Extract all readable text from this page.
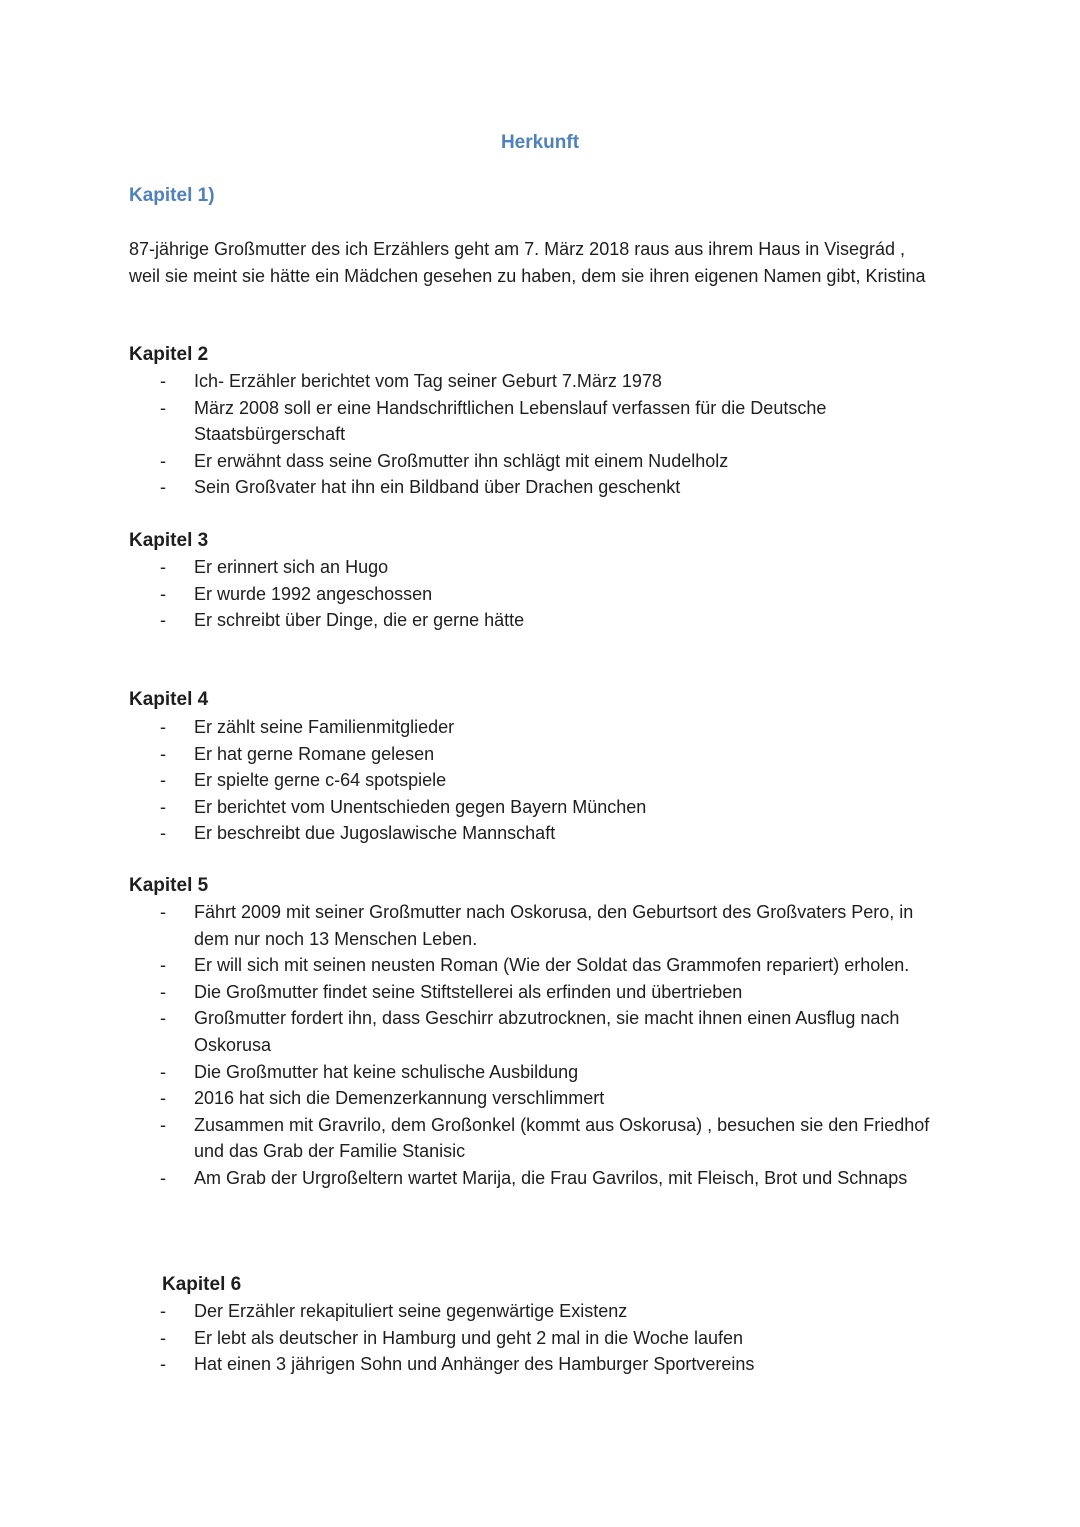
Herkunft
Kapitel 1)

87-jährige Großmutter des ich Erzählers geht am 7. März 2018 raus aus ihrem Haus in Visegrád , weil sie meint sie hätte ein Mädchen gesehen zu haben, dem sie ihren eigenen Namen gibt, Kristina

Kapitel 2
- Ich- Erzähler berichtet vom Tag seiner Geburt 7.März 1978
- März 2008 soll er eine Handschriftlichen Lebenslauf verfassen für die Deutsche Staatsbürgerschaft
- Er erwähnt dass seine Großmutter ihn schlägt mit einem Nudelholz
- Sein Großvater hat ihn ein Bildband über Drachen geschenkt
Kapitel 3
- Er erinnert sich an Hugo
- Er wurde 1992 angeschossen
- Er schreibt über Dinge, die er gerne hätte
Kapitel 4
- Er zählt seine Familienmitglieder
- Er hat gerne Romane gelesen
- Er spielte gerne c-64 spotspiele
- Er berichtet vom Unentschieden gegen Bayern München
- Er beschreibt due Jugoslawische Mannschaft
Kapitel 5
- Fährt 2009 mit seiner Großmutter nach Oskorusa, den Geburtsort des Großvaters Pero, in dem nur noch 13 Menschen Leben.
- Er will sich mit seinen neusten Roman (Wie der Soldat das Grammofen repariert) erholen.
- Die Großmutter findet seine Stiftstellerei als erfinden und übertrieben
- Großmutter fordert ihn, dass Geschirr abzutrocknen, sie macht ihnen einen Ausflug nach Oskorusa
- Die Großmutter hat keine schulische Ausbildung
- 2016 hat sich die Demenzerkannung verschlimmert
- Zusammen mit Gravrilo, dem Großonkel (kommt aus Oskorusa) , besuchen sie den Friedhof und das Grab der Familie Stanisic
- Am Grab der Urgroßeltern wartet Marija, die Frau Gavrilos, mit Fleisch, Brot und Schnaps
Kapitel 6
- Der Erzähler rekapituliert seine gegenwärtige Existenz
- Er lebt als deutscher in Hamburg und geht 2 mal in die Woche laufen
- Hat einen 3 jährigen Sohn und Anhänger des Hamburger Sportvereins
